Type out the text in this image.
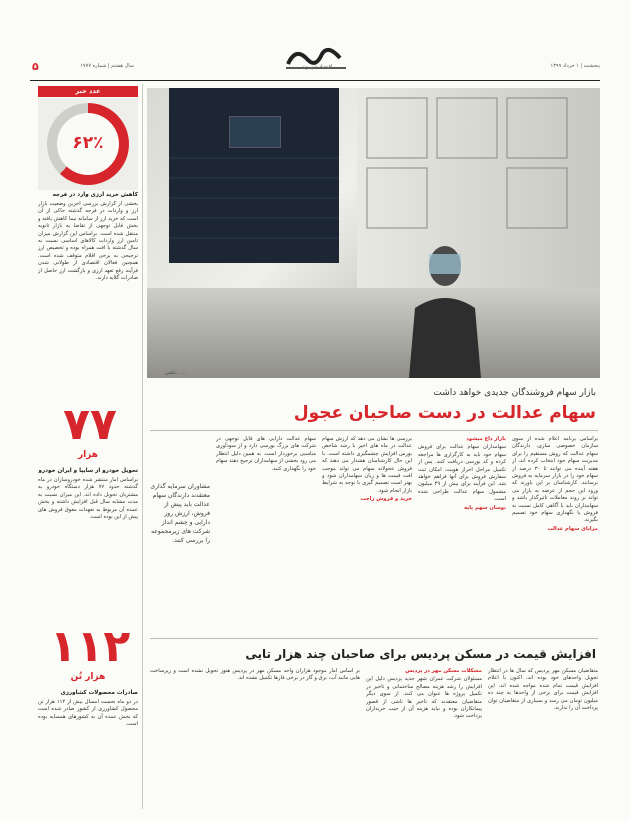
اقتصاد شهروند
۵	سال هشتم | شماره ۱۷۷۷	پنجشنبه | ۱ خرداد ۱۳۹۹
عدد خبر
۶۲٪
کاهش خرید ارزی وارد در فرجه
بخشی از گزارش بررسی آخرین وضعیت بازار ارز و واردات در فرجه گذشته حاکی از آن است که خرید ارز از سامانه نیما کاهش یافته و بخش قابل توجهی از تقاضا به بازار ثانویه منتقل شده است. براساس این گزارش میزان تامین ارز واردات کالاهای اساسی نسبت به سال گذشته با افت همراه بوده و تخصیص ارز ترجیحی به برخی اقلام متوقف شده است. همچنین فعالان اقتصادی از طولانی شدن فرآیند رفع تعهد ارزی و بازگشت ارز حاصل از صادرات گلایه دارند.
۷۷
هزار
تحویل خودرو از سایپا و ایران خودرو
براساس آمار منتشر شده خودروسازان در ماه گذشته حدود ۷۷ هزار دستگاه خودرو به مشتریان تحویل داده اند. این میزان نسبت به مدت مشابه سال قبل افزایش داشته و بخش عمده آن مربوط به تعهدات معوق فروش های پیش از این بوده است.
۱۱۲
هزار تُن
صادرات محصولات کشاورزی
در دو ماه نخست امسال بیش از ۱۱۲ هزار تن محصول کشاورزی از کشور صادر شده است که بخش عمده آن به کشورهای همسایه بوده است.
عکس: ......
بازار سهام فروشندگان جدیدی خواهد داشت
سهام عدالت در دست صاحبان عجول

براساس برنامه اعلام شده از سوی سازمان خصوصی سازی، دارندگان سهام عدالت که روش مستقیم را برای مدیریت سهام خود انتخاب کرده اند، از هفته آینده می توانند تا ۳۰ درصد از سهام خود را در بازار سرمایه به فروش برسانند. کارشناسان بر این باورند که ورود این حجم از عرضه به بازار می تواند بر روند معاملات تاثیرگذار باشد و سهامداران باید با آگاهی کامل نسبت به فروش یا نگهداری سهام خود تصمیم بگیرند.

مزایای سهام عدالت

بازار داغ میشود

سهامداران سهام عدالت برای فروش سهام خود باید به کارگزاری ها مراجعه کرده و کد بورسی دریافت کنند. پس از تکمیل مراحل احراز هویت، امکان ثبت سفارش فروش برای آنها فراهم خواهد شد. این فرآیند برای بیش از ۴۹ میلیون مشمول سهام عدالت طراحی شده است.

نوسان سهم پایه

بررسی ها نشان می دهد که ارزش سهام عدالت در ماه های اخیر با رشد شاخص بورس افزایش چشمگیری داشته است. با این حال کارشناسان هشدار می دهند که فروش عجولانه سهام می تواند موجب افت قیمت ها و زیان سهامداران شود و بهتر است تصمیم گیری با توجه به شرایط بازار انجام شود.

خرید و فروش راحت

سهام عدالت دارایی های قابل توجهی در شرکت های بزرگ بورسی دارد و از سودآوری مناسبی برخوردار است. به همین دلیل انتظار می رود بخشی از سهامداران ترجیح دهند سهام خود را نگهداری کنند.

مشاوران سرمایه گذاری معتقدند دارندگان سهام عدالت باید پیش از فروش، ارزش روز دارایی و چشم انداز شرکت های زیرمجموعه را بررسی کنند.
افزایش قیمت در مسکن پردیس برای صاحبان چند هزار تایی

متقاضیان مسکن مهر پردیس که سال ها در انتظار تحویل واحدهای خود بوده اند، اکنون با اعلام افزایش قیمت تمام شده مواجه شده اند. این افزایش قیمت برای برخی از واحدها به چند ده میلیون تومان می رسد و بسیاری از متقاضیان توان پرداخت آن را ندارند.

مشکلات مسکن مهر در پردیس

مسئولان شرکت عمران شهر جدید پردیس دلیل این افزایش را رشد هزینه مصالح ساختمانی و تاخیر در تکمیل پروژه ها عنوان می کنند. از سوی دیگر متقاضیان معتقدند که تاخیر ها ناشی از قصور پیمانکاران بوده و نباید هزینه آن از جیب خریداران پرداخت شود.

بر اساس آمار موجود هزاران واحد مسکن مهر در پردیس هنوز تحویل نشده است و زیرساخت هایی مانند آب، برق و گاز در برخی فازها تکمیل نشده اند.
